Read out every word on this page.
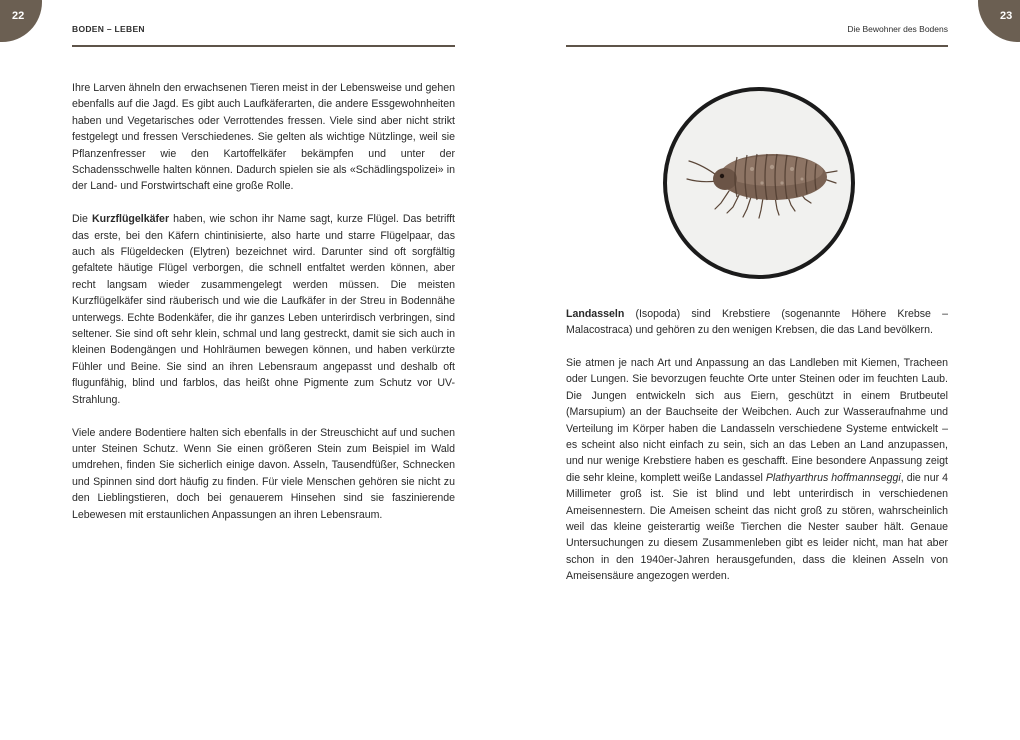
22
BODEN – LEBEN

Ihre Larven ähneln den erwachsenen Tieren meist in der Lebensweise und gehen ebenfalls auf die Jagd. Es gibt auch Laufkäferarten, die andere Essgewohnheiten haben und Vegetarisches oder Verrottendes fressen. Viele sind aber nicht strikt festgelegt und fressen Verschiedenes. Sie gelten als wichtige Nützlinge, weil sie Pflanzenfresser wie den Kartoffelkäfer bekämpfen und unter der Schadensschwelle halten können. Dadurch spielen sie als «Schädlingspolizei» in der Land- und Forstwirtschaft eine große Rolle.

Die Kurzflügelkäfer haben, wie schon ihr Name sagt, kurze Flügel. Das betrifft das erste, bei den Käfern chintinisierte, also harte und starre Flügelpaar, das auch als Flügeldecken (Elytren) bezeichnet wird. Darunter sind oft sorgfältig gefaltete häutige Flügel verborgen, die schnell entfaltet werden können, aber recht langsam wieder zusammengelegt werden müssen. Die meisten Kurzflügelkäfer sind räuberisch und wie die Laufkäfer in der Streu in Bodennähe unterwegs. Echte Bodenkäfer, die ihr ganzes Leben unterirdisch verbringen, sind seltener. Sie sind oft sehr klein, schmal und lang gestreckt, damit sie sich auch in kleinen Bodengängen und Hohlräumen bewegen können, und haben verkürzte Fühler und Beine. Sie sind an ihren Lebensraum angepasst und deshalb oft flugunfähig, blind und farblos, das heißt ohne Pigmente zum Schutz vor UV-Strahlung.

Viele andere Bodentiere halten sich ebenfalls in der Streuschicht auf und suchen unter Steinen Schutz. Wenn Sie einen größeren Stein zum Beispiel im Wald umdrehen, finden Sie sicherlich einige davon. Asseln, Tausendfüßer, Schnecken und Spinnen sind dort häufig zu finden. Für viele Menschen gehören sie nicht zu den Lieblingstieren, doch bei genauerem Hinsehen sind sie faszinierende Lebewesen mit erstaunlichen Anpassungen an ihren Lebensraum.

23
Die Bewohner des Bodens

Landasseln (Isopoda) sind Krebstiere (sogenannte Höhere Krebse – Malacostraca) und gehören zu den wenigen Krebsen, die das Land bevölkern.

Sie atmen je nach Art und Anpassung an das Landleben mit Kiemen, Tracheen oder Lungen. Sie bevorzugen feuchte Orte unter Steinen oder im feuchten Laub. Die Jungen entwickeln sich aus Eiern, geschützt in einem Brutbeutel (Marsupium) an der Bauchseite der Weibchen. Auch zur Wasseraufnahme und Verteilung im Körper haben die Landasseln verschiedene Systeme entwickelt – es scheint also nicht einfach zu sein, sich an das Leben an Land anzupassen, und nur wenige Krebstiere haben es geschafft. Eine besondere Anpassung zeigt die sehr kleine, komplett weiße Landassel Plathyarthrus hoffmannseggi, die nur 4 Millimeter groß ist. Sie ist blind und lebt unterirdisch in verschiedenen Ameisennestern. Die Ameisen scheint das nicht groß zu stören, wahrscheinlich weil das kleine geisterartig weiße Tierchen die Nester sauber hält. Genaue Untersuchungen zu diesem Zusammenleben gibt es leider nicht, man hat aber schon in den 1940er-Jahren herausgefunden, dass die kleinen Asseln von Ameisensäure angezogen werden.
